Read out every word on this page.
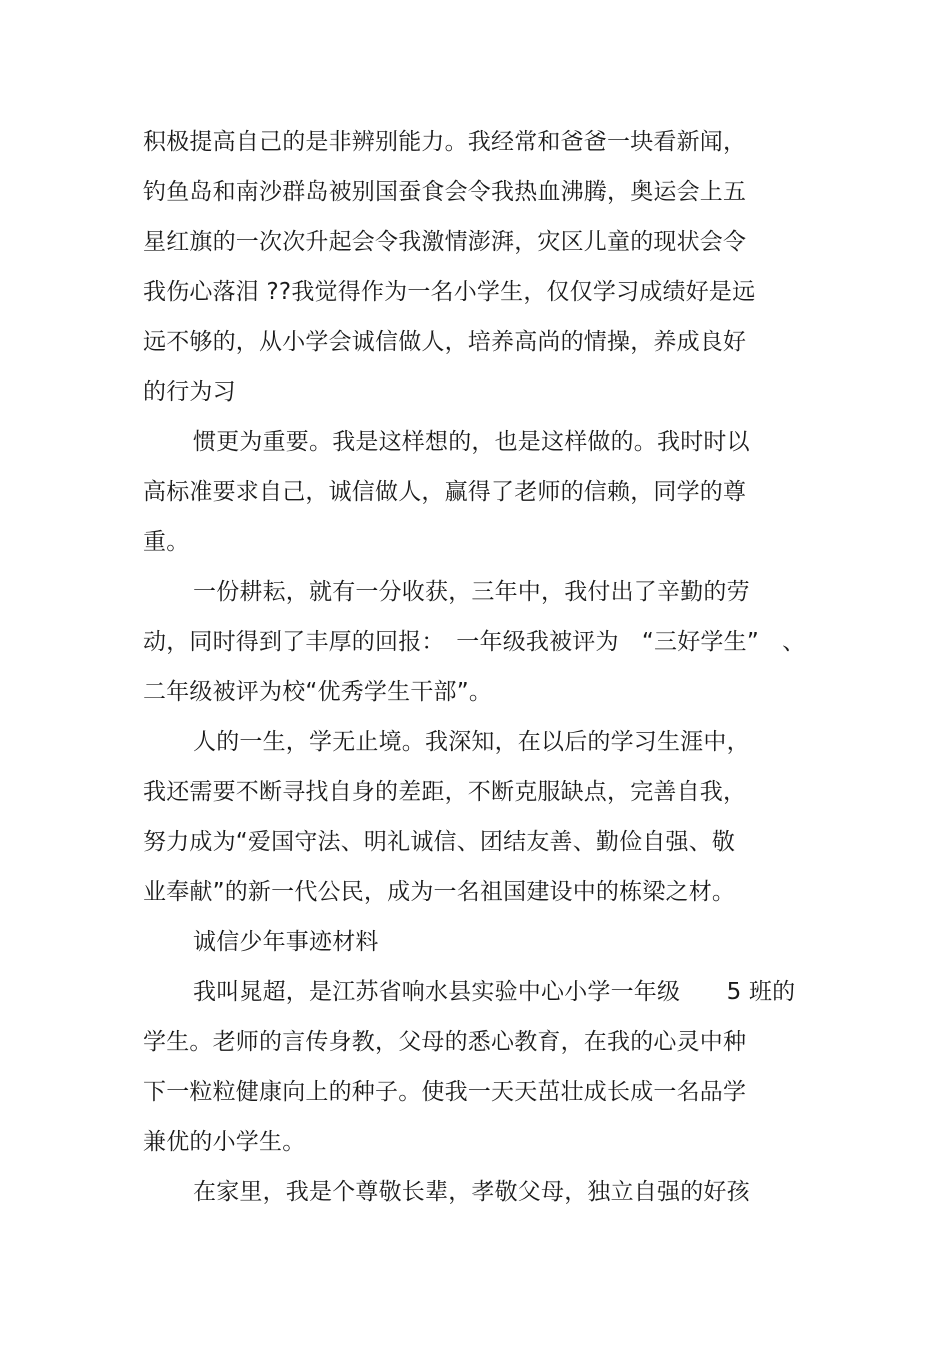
积极提高自己的是非辨别能力。我经常和爸爸一块看新闻，

钓鱼岛和南沙群岛被别国蚕食会令我热血沸腾，奥运会上五

星红旗的一次次升起会令我激情澎湃，灾区儿童的现状会令

我伤心落泪 ??我觉得作为一名小学生，仅仅学习成绩好是远

远不够的，从小学会诚信做人，培养高尚的情操，养成良好

的行为习

惯更为重要。我是这样想的，也是这样做的。我时时以

高标准要求自己，诚信做人，赢得了老师的信赖，同学的尊

重。

一份耕耘，就有一分收获，三年中，我付出了辛勤的劳

动，同时得到了丰厚的回报：　一年级我被评为　“三好学生”　、

二年级被评为校“优秀学生干部”。

人的一生，学无止境。我深知，在以后的学习生涯中，

我还需要不断寻找自身的差距，不断克服缺点，完善自我，

努力成为“爱国守法、明礼诚信、团结友善、勤俭自强、敬

业奉献”的新一代公民，成为一名祖国建设中的栋梁之材。

诚信少年事迹材料

我叫晁超，是江苏省响水县实验中心小学一年级　　5 班的

学生。老师的言传身教，父母的悉心教育，在我的心灵中种

下一粒粒健康向上的种子。使我一天天茁壮成长成一名品学

兼优的小学生。

在家里，我是个尊敬长辈，孝敬父母，独立自强的好孩
